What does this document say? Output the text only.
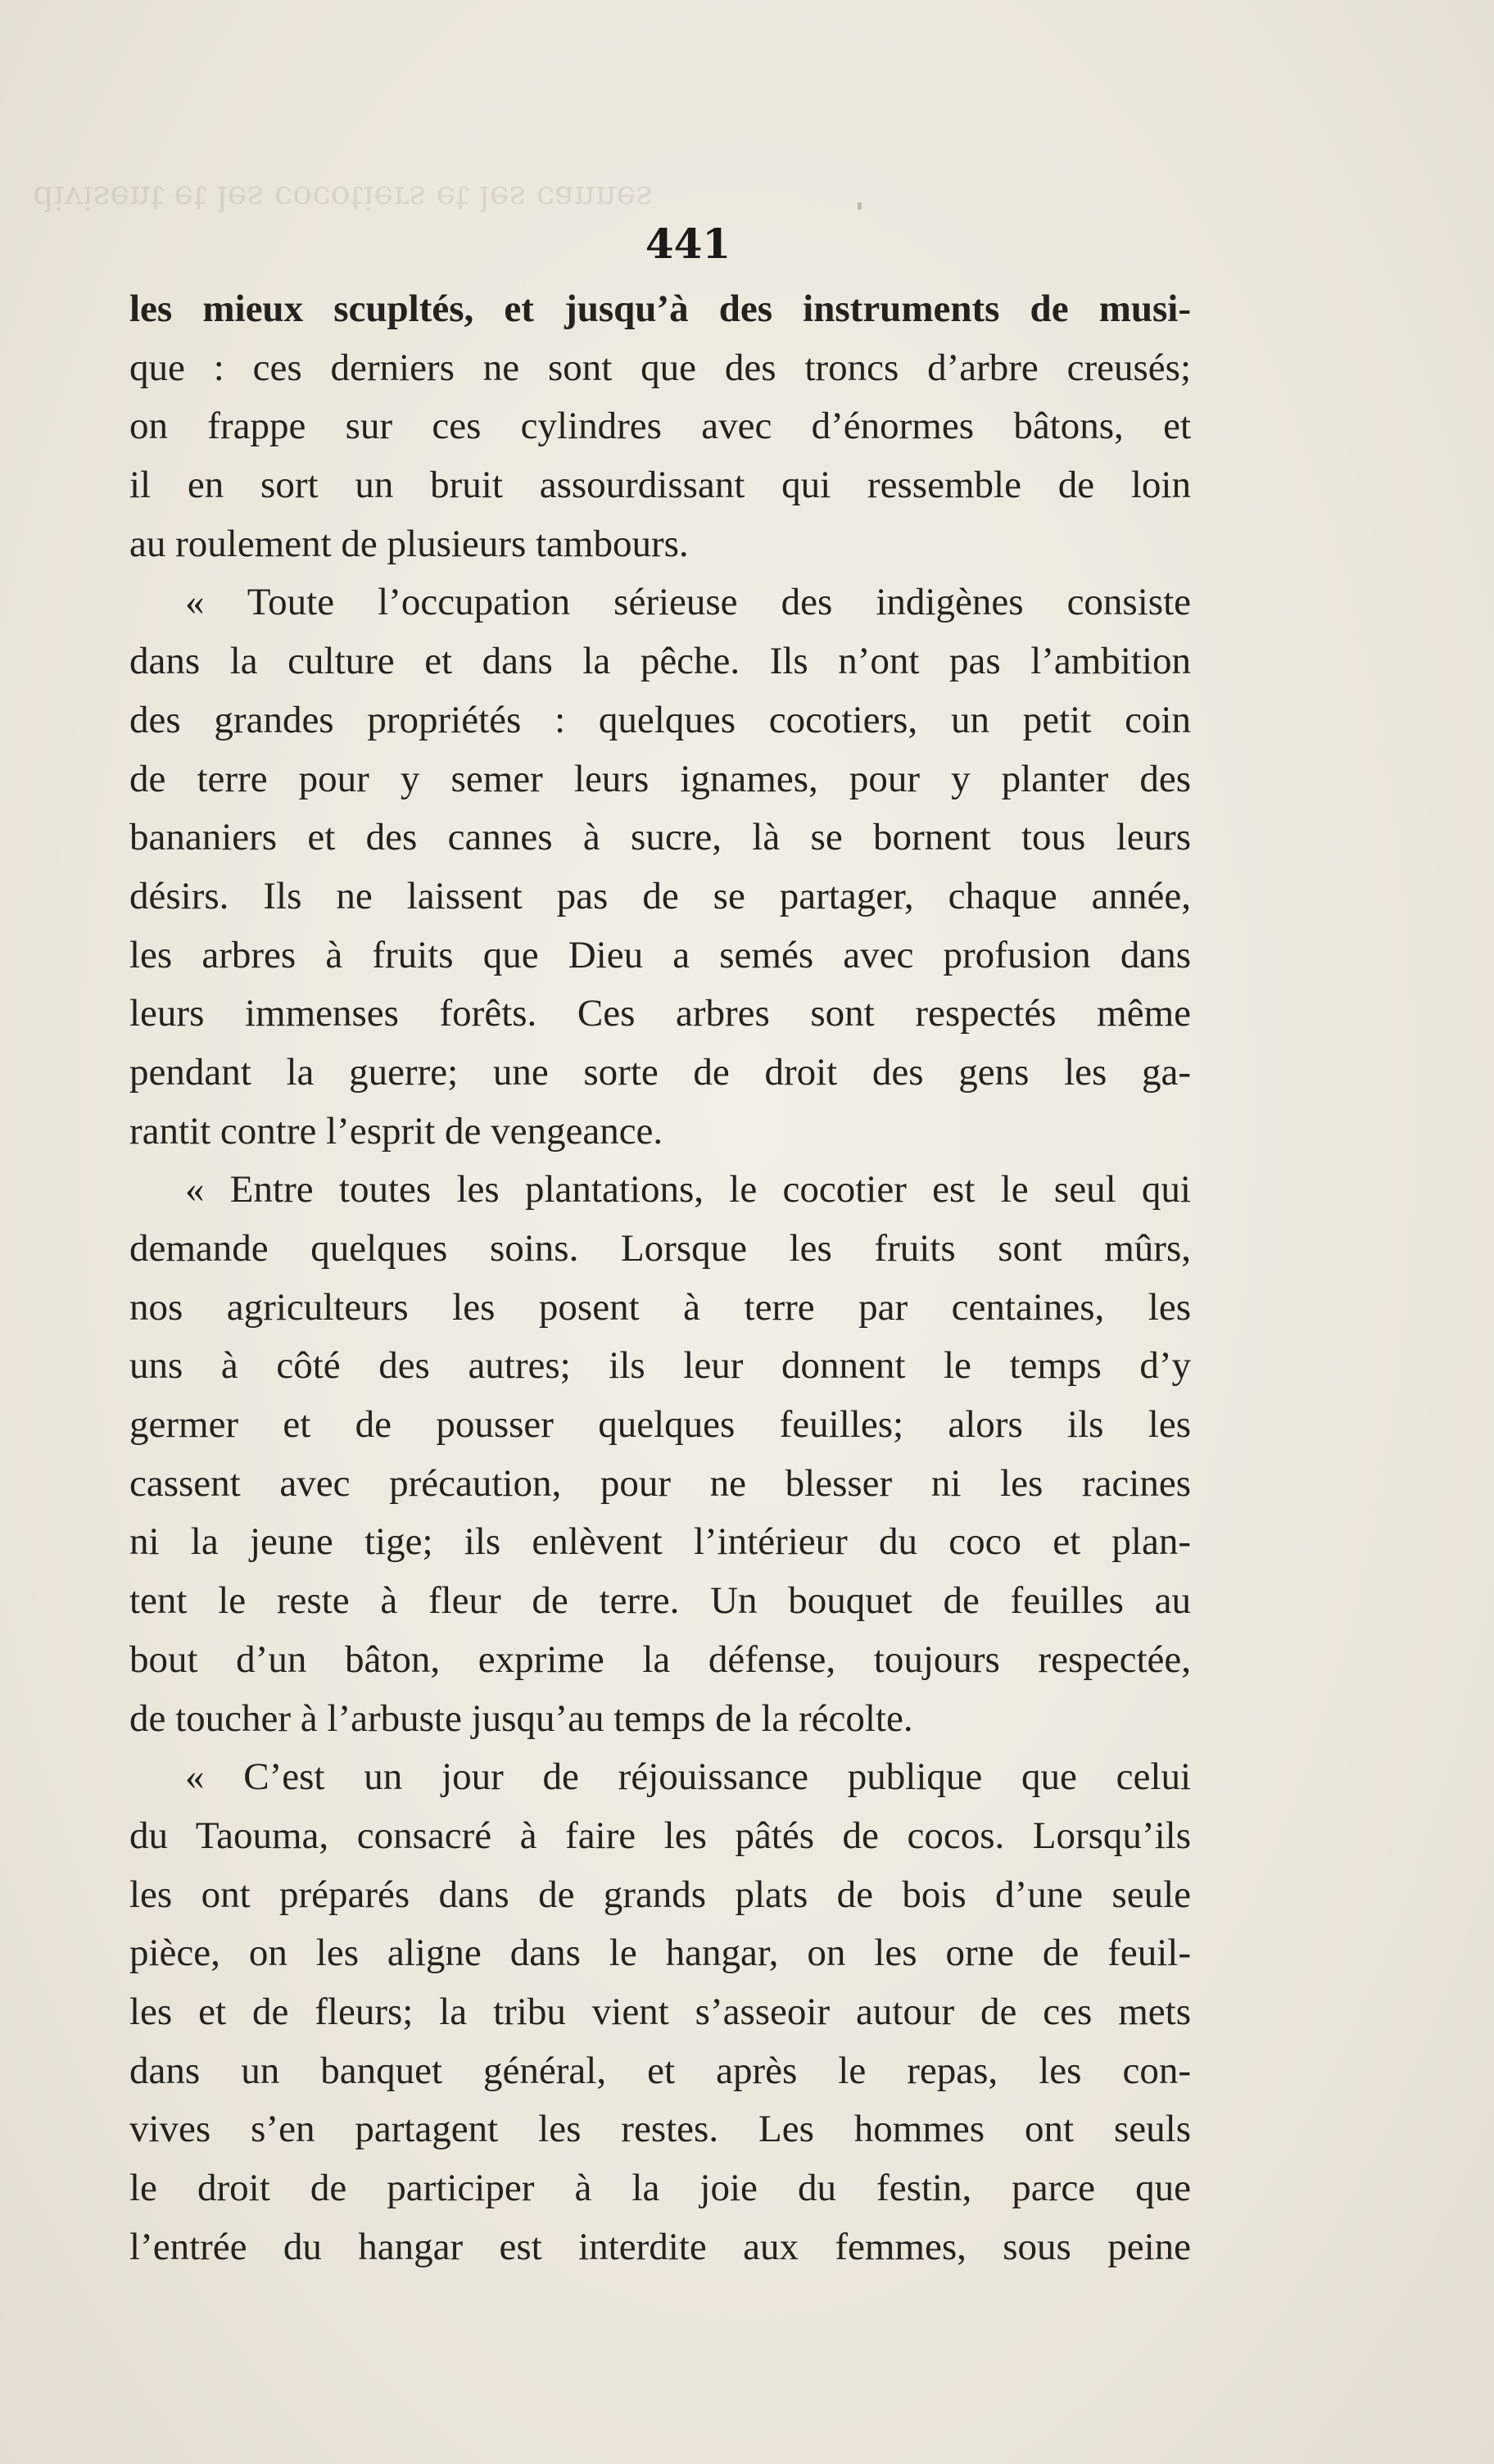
divisent et les cocotiers et les cannes
441
les mieux scupltés, et jusqu’à des instruments de musi-
que : ces derniers ne sont que des troncs d’arbre creusés;
on frappe sur ces cylindres avec d’énormes bâtons, et
il en sort un bruit assourdissant qui ressemble de loin
au roulement de plusieurs tambours.
« Toute l’occupation sérieuse des indigènes consiste
dans la culture et dans la pêche. Ils n’ont pas l’ambition
des grandes propriétés : quelques cocotiers, un petit coin
de terre pour y semer leurs ignames, pour y planter des
bananiers et des cannes à sucre, là se bornent tous leurs
désirs. Ils ne laissent pas de se partager, chaque année,
les arbres à fruits que Dieu a semés avec profusion dans
leurs immenses forêts. Ces arbres sont respectés même
pendant la guerre; une sorte de droit des gens les ga-
rantit contre l’esprit de vengeance.
« Entre toutes les plantations, le cocotier est le seul qui
demande quelques soins. Lorsque les fruits sont mûrs,
nos agriculteurs les posent à terre par centaines, les
uns à côté des autres; ils leur donnent le temps d’y
germer et de pousser quelques feuilles; alors ils les
cassent avec précaution, pour ne blesser ni les racines
ni la jeune tige; ils enlèvent l’intérieur du coco et plan-
tent le reste à fleur de terre. Un bouquet de feuilles au
bout d’un bâton, exprime la défense, toujours respectée,
de toucher à l’arbuste jusqu’au temps de la récolte.
« C’est un jour de réjouissance publique que celui
du Taouma, consacré à faire les pâtés de cocos. Lorsqu’ils
les ont préparés dans de grands plats de bois d’une seule
pièce, on les aligne dans le hangar, on les orne de feuil-
les et de fleurs; la tribu vient s’asseoir autour de ces mets
dans un banquet général, et après le repas, les con-
vives s’en partagent les restes. Les hommes ont seuls
le droit de participer à la joie du festin, parce que
l’entrée du hangar est interdite aux femmes, sous peine
